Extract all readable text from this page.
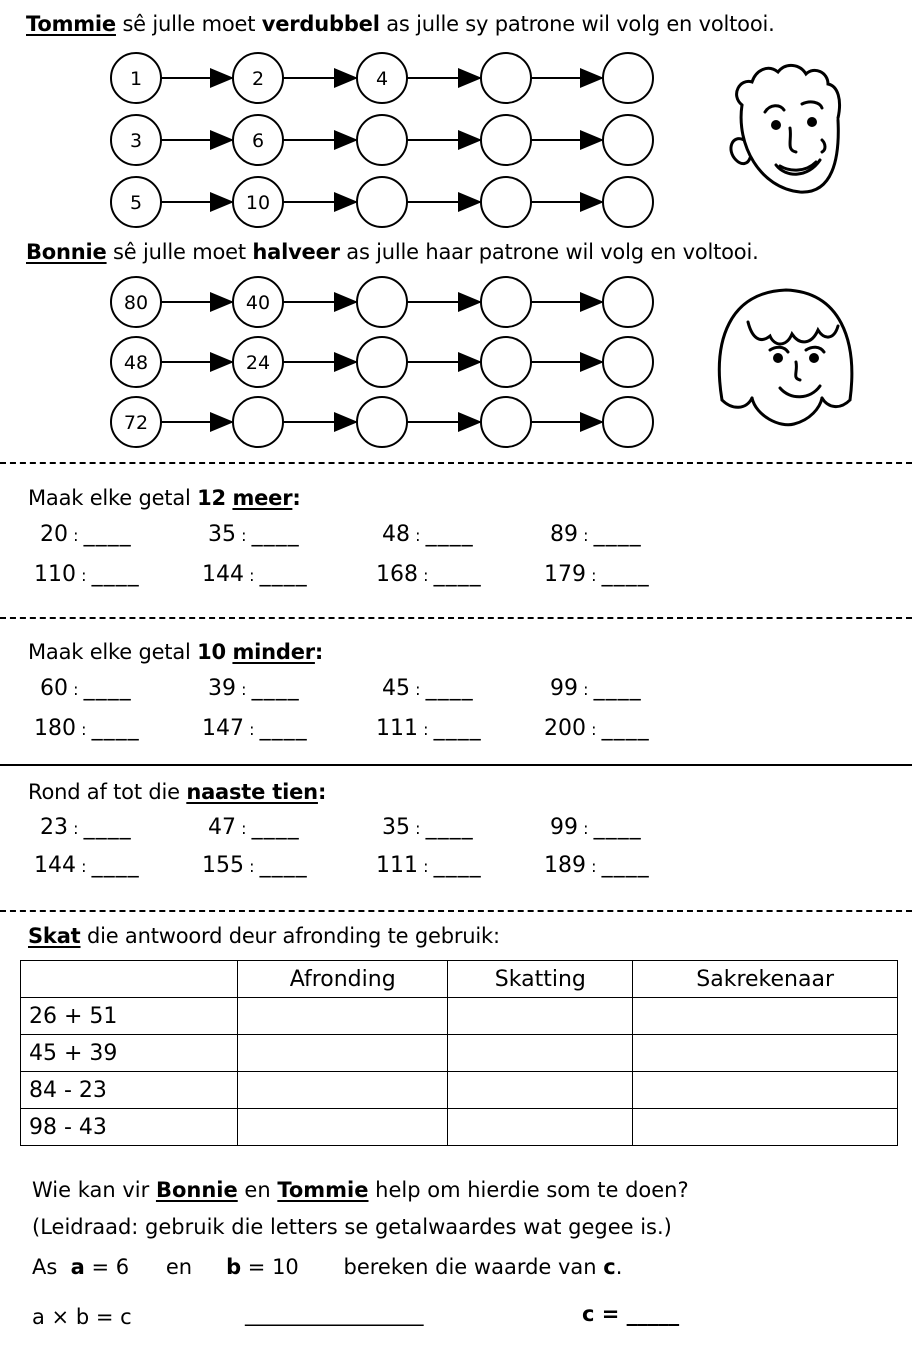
Tommie sê julle moet verdubbel as julle sy patrone wil volg en voltooi.
1	2	4
3	6
5	10
80	40
48	24
72
Bonnie sê julle moet halveer as julle haar patrone wil volg en voltooi.
Maak elke getal 12 meer:
20 : ____	35 : ____	48 : ____	89 : ____
110 : ____	144 : ____	168 : ____	179 : ____
Maak elke getal 10 minder:
60 : ____	39 : ____	45 : ____	99 : ____
180 : ____	147 : ____	111 : ____	200 : ____
Rond af tot die naaste tien:
23 : ____	47 : ____	35 : ____	99 : ____
144 : ____	155 : ____	111 : ____	189 : ____
Skat die antwoord deur afronding te gebruik:
	Afronding	Skatting	Sakrekenaar
26 + 51			
45 + 39			
84 - 23			
98 - 43			
Wie kan vir Bonnie en Tommie help om hierdie som te doen?
(Leidraad: gebruik die letters se getalwaardes wat gegee is.)
As a = 6 en b = 10 bereken die waarde van c.
a × b = c	_________________	c = _____
